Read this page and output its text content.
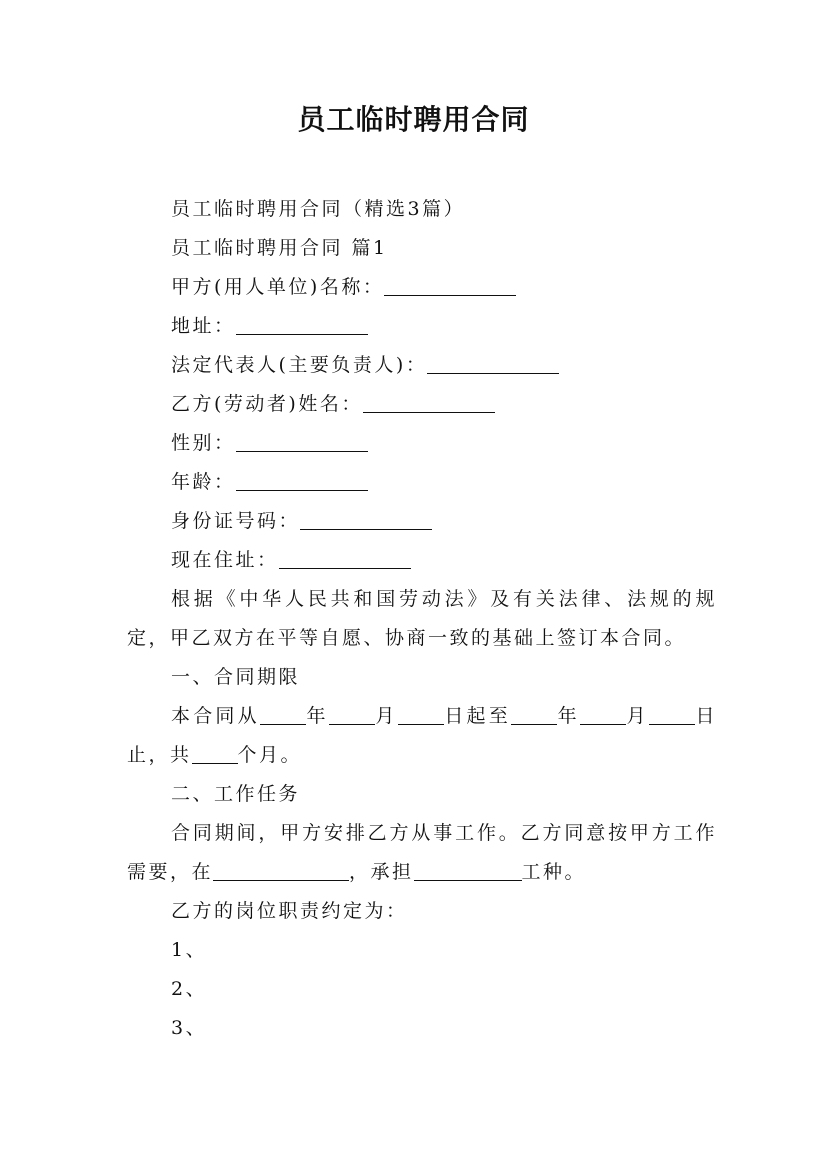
员工临时聘用合同
员工临时聘用合同（精选3篇）
员工临时聘用合同 篇1
甲方(用人单位)名称：
地址：
法定代表人(主要负责人)：
乙方(劳动者)姓名：
性别：
年龄：
身份证号码：
现在住址：
根据《中华人民共和国劳动法》及有关法律、法规的规定，甲乙双方在平等自愿、协商一致的基础上签订本合同。
一、合同期限
本合同从 年 月 日起至 年 月 日止，共 个月。
二、工作任务
合同期间，甲方安排乙方从事工作。乙方同意按甲方工作需要，在	，承担	工种。
乙方的岗位职责约定为：
1、
2、
3、
